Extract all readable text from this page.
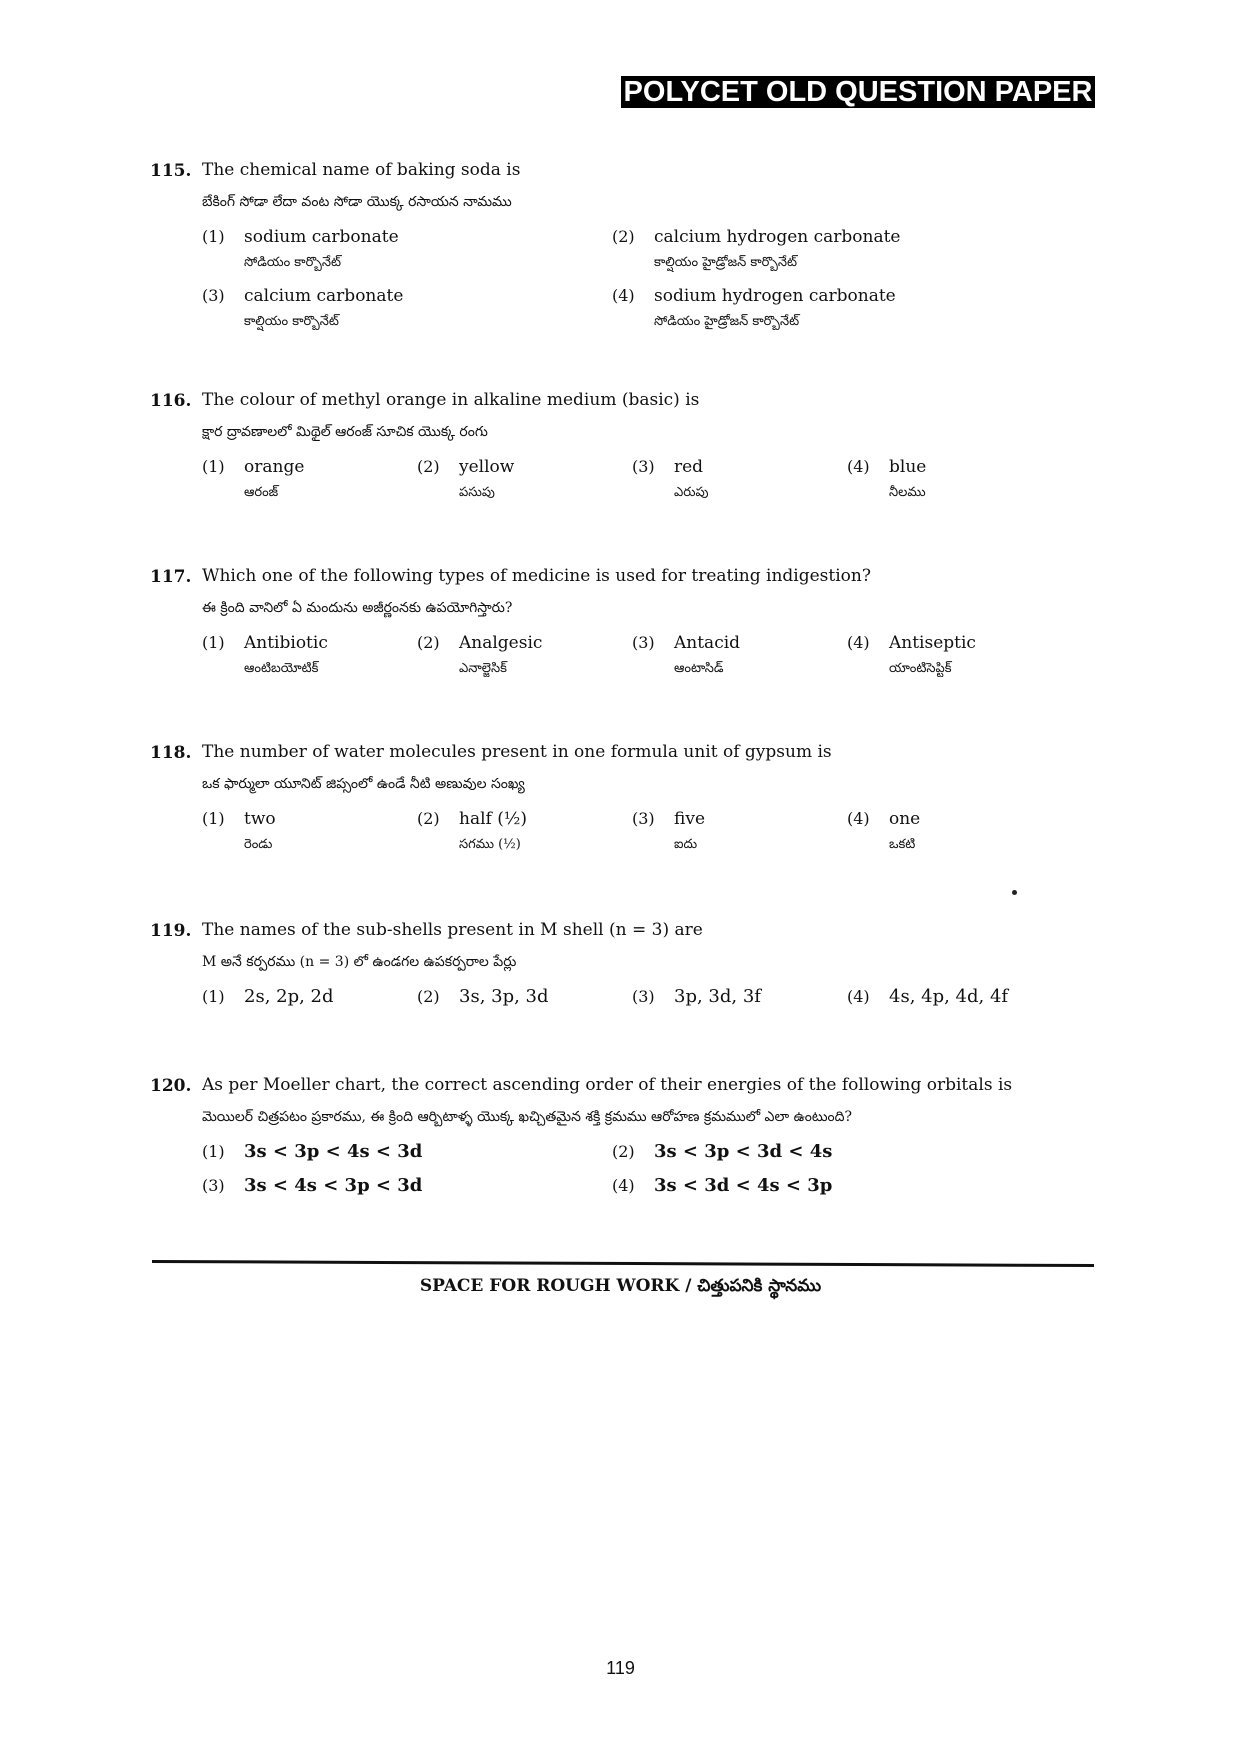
POLYCET OLD QUESTION PAPER
115. The chemical name of baking soda is
బేకింగ్ సోడా లేదా వంట సోడా యొక్క రసాయన నామము
(1)	sodium carbonate
సోడియం కార్బొనేట్
(2)	calcium hydrogen carbonate
కాల్షియం హైడ్రోజన్ కార్బొనేట్
(3)	calcium carbonate
కాల్షియం కార్బొనేట్
(4)	sodium hydrogen carbonate
సోడియం హైడ్రోజన్ కార్బొనేట్
116. The colour of methyl orange in alkaline medium (basic) is
క్షార ద్రావణాలలో మిథైల్ ఆరంజ్ సూచిక యొక్క రంగు
(1)	orange
ఆరంజ్
(2)	yellow
పసుపు
(3)	red
ఎరుపు
(4)	blue
నీలము
117. Which one of the following types of medicine is used for treating indigestion?
ఈ క్రింది వానిలో ఏ మందును అజీర్ణంనకు ఉపయోగిస్తారు?
(1)	Antibiotic
ఆంటిబయోటిక్
(2)	Analgesic
ఎనాల్జెసిక్
(3)	Antacid
ఆంటాసిడ్
(4)	Antiseptic
యాంటిసెప్టిక్
118. The number of water molecules present in one formula unit of gypsum is
ఒక ఫార్ములా యూనిట్ జిప్సంలో ఉండే నీటి అణువుల సంఖ్య
(1)	two
రెండు
(2)	half (½)
సగము (½)
(3)	five
ఐదు
(4)	one
ఒకటి
119. The names of the sub-shells present in M shell (n = 3) are
M అనే కర్పరము (n = 3) లో ఉండగల ఉపకర్పరాల పేర్లు
(1)	2s, 2p, 2d	(2)	3s, 3p, 3d	(3)	3p, 3d, 3f	(4)	4s, 4p, 4d, 4f
120. As per Moeller chart, the correct ascending order of their energies of the following orbitals is
మెయిలర్ చిత్రపటం ప్రకారము, ఈ క్రింది ఆర్బిటాళ్ళ యొక్క ఖచ్చితమైన శక్తి క్రమము ఆరోహణ క్రమములో ఎలా ఉంటుంది?
(1)	3s < 3p < 4s < 3d	(2)	3s < 3p < 3d < 4s
(3)	3s < 4s < 3p < 3d	(4)	3s < 3d < 4s < 3p
SPACE FOR ROUGH WORK / చిత్తుపనికి స్థానము
119
